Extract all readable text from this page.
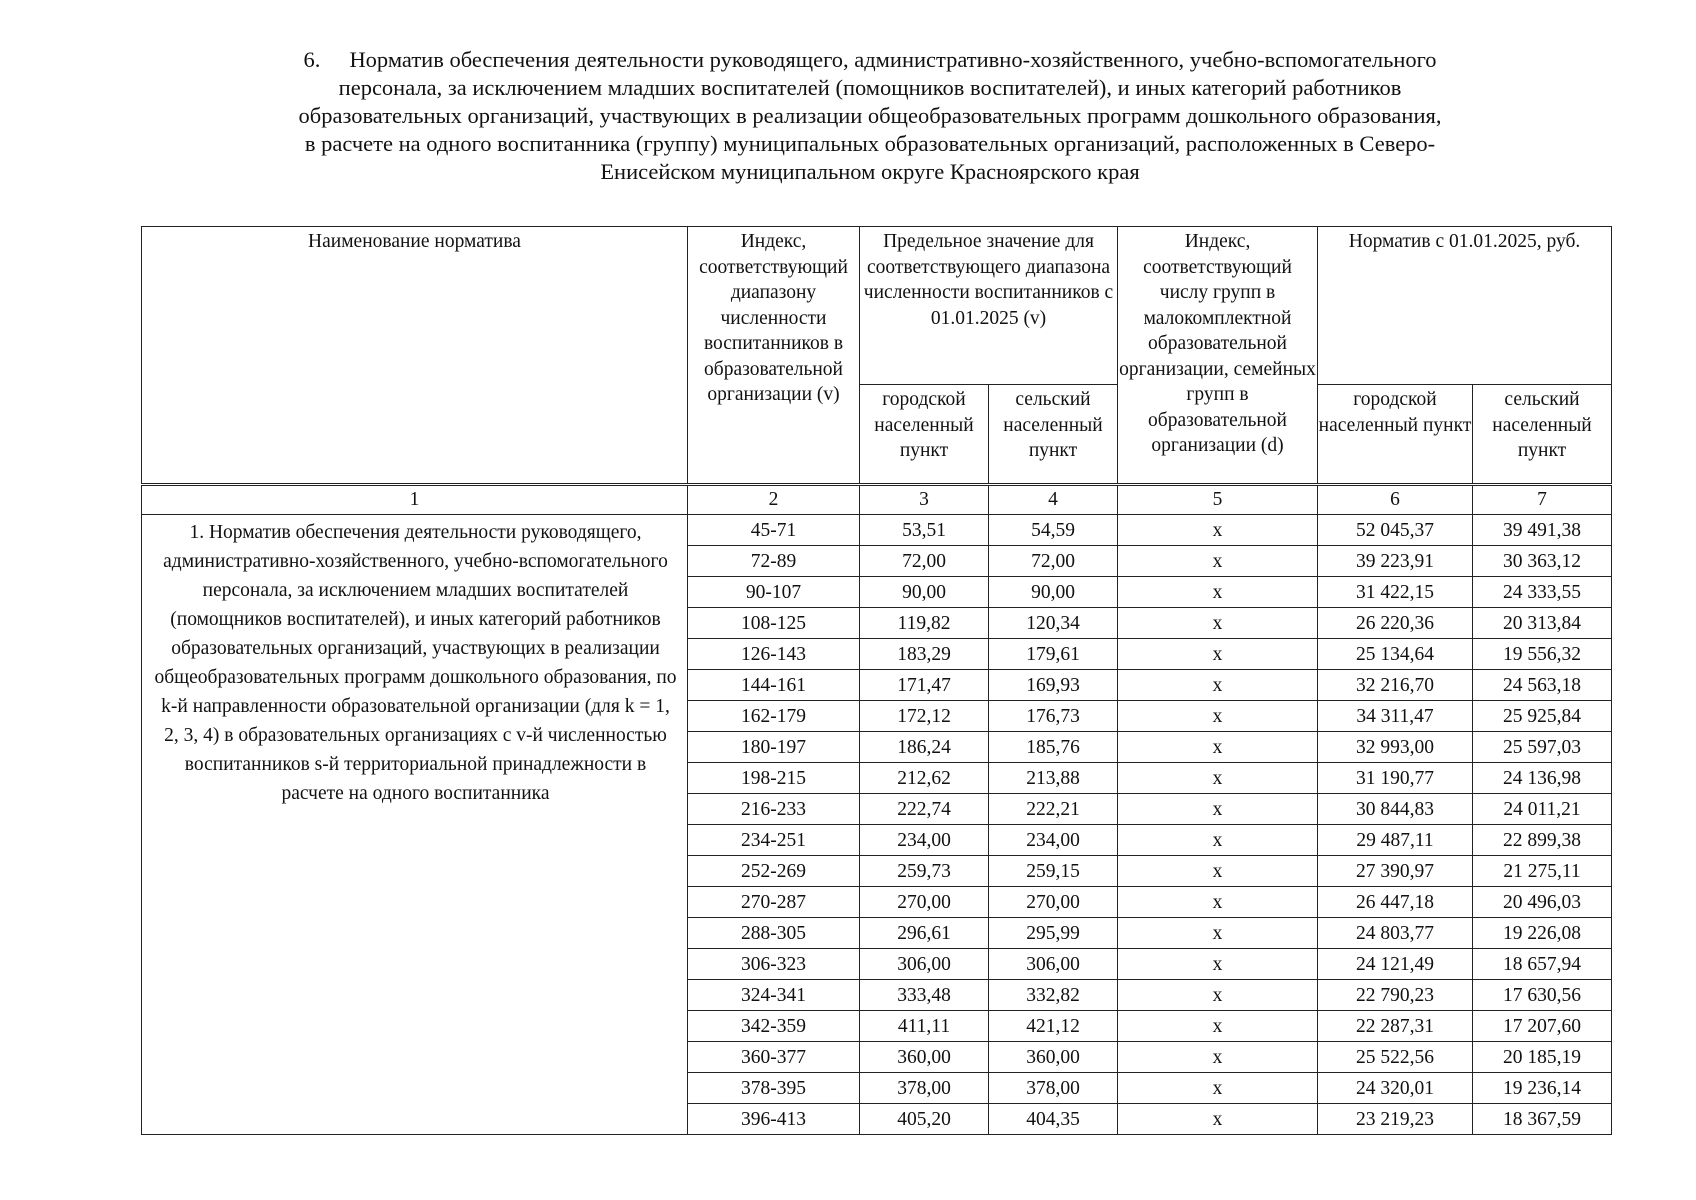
6. Норматив обеспечения деятельности руководящего, административно-хозяйственного, учебно-вспомогательного
персонала, за исключением младших воспитателей (помощников воспитателей), и иных категорий работников
образовательных организаций, участвующих в реализации общеобразовательных программ дошкольного образования,
в расчете на одного воспитанника (группу) муниципальных образовательных организаций, расположенных в Северо-
Енисейском муниципальном округе Красноярского края
Наименование норматива	Индекс, соответствующий диапазону численности воспитанников в образовательной организации (v)	Предельное значение для соответствующего диапазона численности воспитанников с 01.01.2025 (v)		Индекс, соответствующий числу групп в малокомплектной образовательной организации, семейных групп в образовательной организации (d)	Норматив с 01.01.2025, руб.	
		городской населенный пункт	сельский населенный пункт		городской населенный пункт	сельский населенный пункт
1	2	3	4	5	6	7
1. Норматив обеспечения деятельности руководящего, административно-хозяйственного, учебно-вспомогательного персонала, за исключением младших воспитателей (помощников воспитателей), и иных категорий работников образовательных организаций, участвующих в реализации общеобразовательных программ дошкольного образования, по k-й направленности образовательной организации (для k = 1, 2, 3, 4) в образовательных организациях с v-й численностью воспитанников s-й территориальной принадлежности в расчете на одного воспитанника	45-71	53,51	54,59	x	52 045,37	39 491,38
	72-89	72,00	72,00	x	39 223,91	30 363,12
	90-107	90,00	90,00	x	31 422,15	24 333,55
	108-125	119,82	120,34	x	26 220,36	20 313,84
	126-143	183,29	179,61	x	25 134,64	19 556,32
	144-161	171,47	169,93	x	32 216,70	24 563,18
	162-179	172,12	176,73	x	34 311,47	25 925,84
	180-197	186,24	185,76	x	32 993,00	25 597,03
	198-215	212,62	213,88	x	31 190,77	24 136,98
	216-233	222,74	222,21	x	30 844,83	24 011,21
	234-251	234,00	234,00	x	29 487,11	22 899,38
	252-269	259,73	259,15	x	27 390,97	21 275,11
	270-287	270,00	270,00	x	26 447,18	20 496,03
	288-305	296,61	295,99	x	24 803,77	19 226,08
	306-323	306,00	306,00	x	24 121,49	18 657,94
	324-341	333,48	332,82	x	22 790,23	17 630,56
	342-359	411,11	421,12	x	22 287,31	17 207,60
	360-377	360,00	360,00	x	25 522,56	20 185,19
	378-395	378,00	378,00	x	24 320,01	19 236,14
	396-413	405,20	404,35	x	23 219,23	18 367,59
